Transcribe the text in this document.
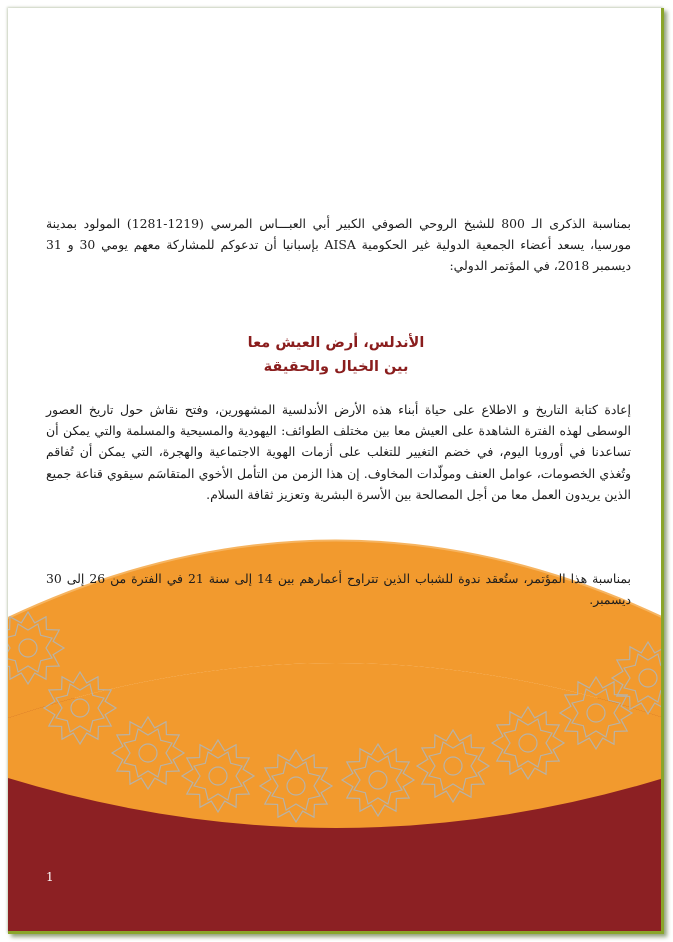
بمناسبة الذكرى الـ 800 للشيخ الروحي الصوفي الكبير أبي العبـــاس المرسي (1219-1281) المولود بمدينة مورسيا، يسعد أعضاء الجمعية الدولية غير الحكومية AISA بإسبانيا أن تدعوكم للمشاركة معهم يومي 30 و 31 ديسمبر 2018، في المؤتمر الدولي:

الأندلس، أرض العيش معا
بين الخيال والحقيقة

إعادة كتابة التاريخ و الاطلاع على حياة أبناء هذه الأرض الأندلسية المشهورين، وفتح نقاش حول تاريخ العصور الوسطى لهذه الفترة الشاهدة على العيش معا بين مختلف الطوائف: اليهودية والمسيحية والمسلمة والتي يمكن أن تساعدنا في أوروبا اليوم، في خضم التغيير للتغلب على أزمات الهوية الاجتماعية والهجرة، التي يمكن أن تُفاقم وتُغذي الخصومات، عوامل العنف ومولّدات المخاوف. إن هذا الزمن من التأمل الأخوي المتقاسَم سيقوي قناعة جميع الذين يريدون العمل معا من أجل المصالحة بين الأسرة البشرية وتعزيز ثقافة السلام.

بمناسبة هذا المؤتمر، ستُعقد ندوة للشباب الذين تتراوح أعمارهم بين 14 إلى سنة 21 في الفترة من 26 إلى 30 ديسمبر.

1
